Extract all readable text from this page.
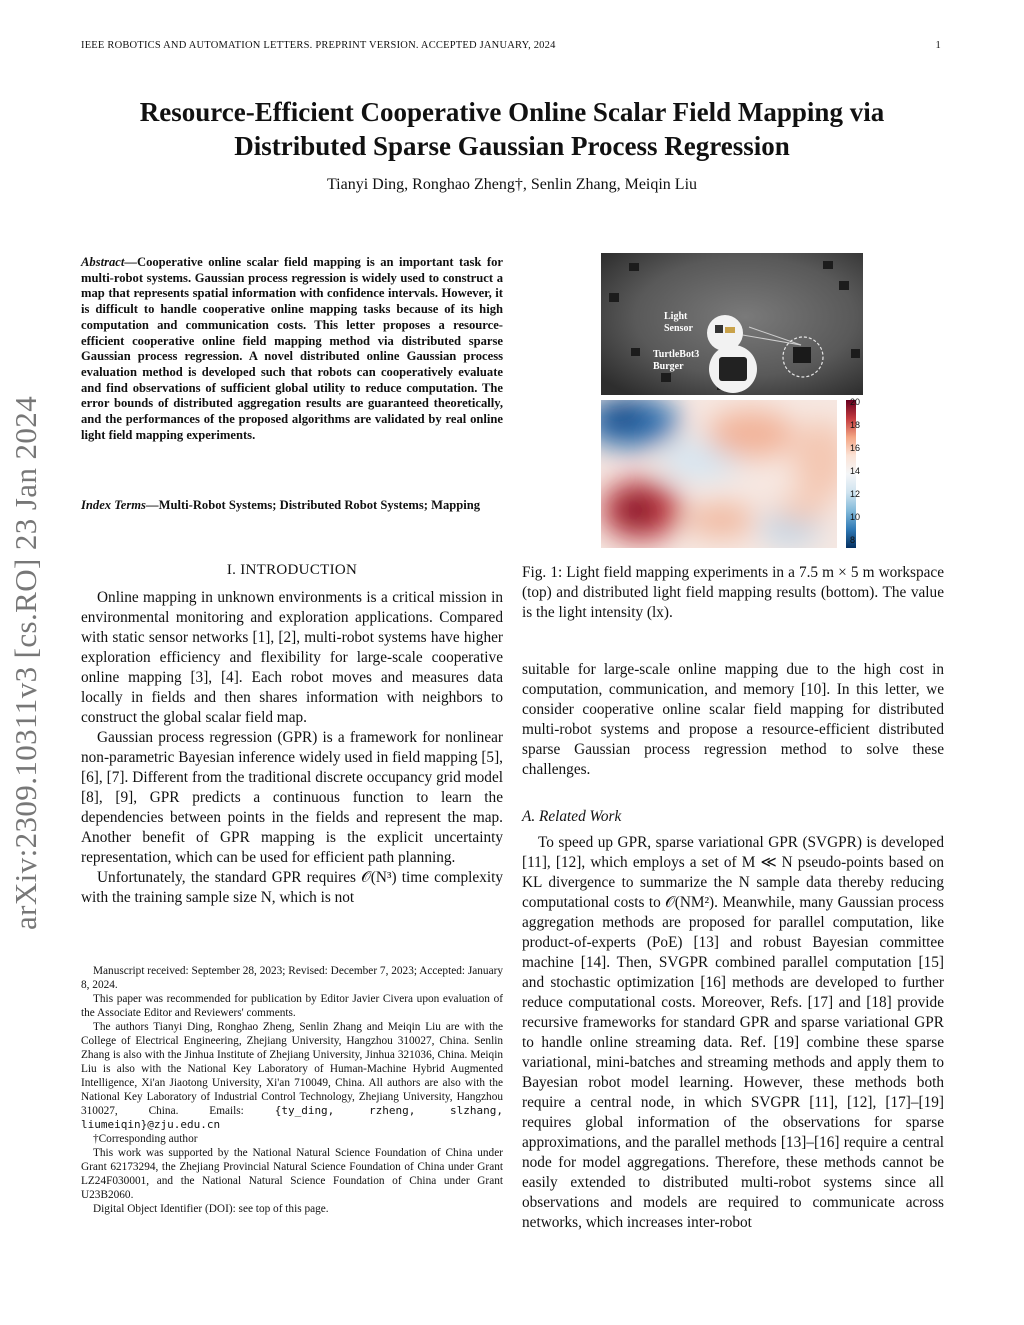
IEEE ROBOTICS AND AUTOMATION LETTERS. PREPRINT VERSION. ACCEPTED JANUARY, 2024	1
Resource-Efficient Cooperative Online Scalar Field Mapping via
Distributed Sparse Gaussian Process Regression
Tianyi Ding, Ronghao Zheng†, Senlin Zhang, Meiqin Liu
arXiv:2309.10311v3 [cs.RO] 23 Jan 2024
Abstract—Cooperative online scalar field mapping is an important task for multi-robot systems. Gaussian process regression is widely used to construct a map that represents spatial information with confidence intervals. However, it is difficult to handle cooperative online mapping tasks because of its high computation and communication costs. This letter proposes a resource-efficient cooperative online field mapping method via distributed sparse Gaussian process regression. A novel distributed online Gaussian process evaluation method is developed such that robots can cooperatively evaluate and find observations of sufficient global utility to reduce computation. The error bounds of distributed aggregation results are guaranteed theoretically, and the performances of the proposed algorithms are validated by real online light field mapping experiments.
Index Terms—Multi-Robot Systems; Distributed Robot Systems; Mapping
I. INTRODUCTION

Online mapping in unknown environments is a critical mission in environmental monitoring and exploration applications. Compared with static sensor networks [1], [2], multi-robot systems have higher exploration efficiency and flexibility for large-scale cooperative online mapping [3], [4]. Each robot moves and measures data locally in fields and then shares information with neighbors to construct the global scalar field map.

Gaussian process regression (GPR) is a framework for nonlinear non-parametric Bayesian inference widely used in field mapping [5], [6], [7]. Different from the traditional discrete occupancy grid model [8], [9], GPR predicts a continuous function to learn the dependencies between points in the fields and represent the map. Another benefit of GPR mapping is the explicit uncertainty representation, which can be used for efficient path planning.

Unfortunately, the standard GPR requires 𝒪(N³) time complexity with the training sample size N, which is not

Manuscript received: September 28, 2023; Revised: December 7, 2023; Accepted: January 8, 2024.

This paper was recommended for publication by Editor Javier Civera upon evaluation of the Associate Editor and Reviewers' comments.

The authors Tianyi Ding, Ronghao Zheng, Senlin Zhang and Meiqin Liu are with the College of Electrical Engineering, Zhejiang University, Hangzhou 310027, China. Senlin Zhang is also with the Jinhua Institute of Zhejiang University, Jinhua 321036, China. Meiqin Liu is also with the National Key Laboratory of Human-Machine Hybrid Augmented Intelligence, Xi'an Jiaotong University, Xi'an 710049, China. All authors are also with the National Key Laboratory of Industrial Control Technology, Zhejiang University, Hangzhou 310027, China. Emails:	{ty_ding, rzheng, slzhang, liumeiqin}@zju.edu.cn

†Corresponding author

This work was supported by the National Natural Science Foundation of China under Grant 62173294, the Zhejiang Provincial Natural Science Foundation of China under Grant LZ24F030001, and the National Natural Science Foundation of China under Grant U23B2060.

Digital Object Identifier (DOI): see top of this page.

Light
Sensor
TurtleBot3
Burger
20
18
16
14
12
10
8
Fig. 1: Light field mapping experiments in a 7.5 m × 5 m workspace (top) and distributed light field mapping results (bottom). The value is the light intensity (lx).

suitable for large-scale online mapping due to the high cost in computation, communication, and memory [10]. In this letter, we consider cooperative online scalar field mapping for distributed multi-robot systems and propose a resource-efficient distributed sparse Gaussian process regression method to solve these challenges.

A. Related Work

To speed up GPR, sparse variational GPR (SVGPR) is developed [11], [12], which employs a set of M ≪ N pseudo-points based on KL divergence to summarize the N sample data thereby reducing computational costs to 𝒪(NM²). Meanwhile, many Gaussian process aggregation methods are proposed for parallel computation, like product-of-experts (PoE) [13] and robust Bayesian committee machine [14]. Then, SVGPR combined parallel computation [15] and stochastic optimization [16] methods are developed to further reduce computational costs. Moreover, Refs. [17] and [18] provide recursive frameworks for standard GPR and sparse variational GPR to handle online streaming data. Ref. [19] combine these sparse variational, mini-batches and streaming methods and apply them to Bayesian robot model learning. However, these methods both require a central node, in which SVGPR [11], [12], [17]–[19] requires global information of the observations for sparse approximations, and the parallel methods [13]–[16] require a central node for model aggregations. Therefore, these methods cannot be easily extended to distributed multi-robot systems since all observations and models are required to communicate across networks, which increases inter-robot
